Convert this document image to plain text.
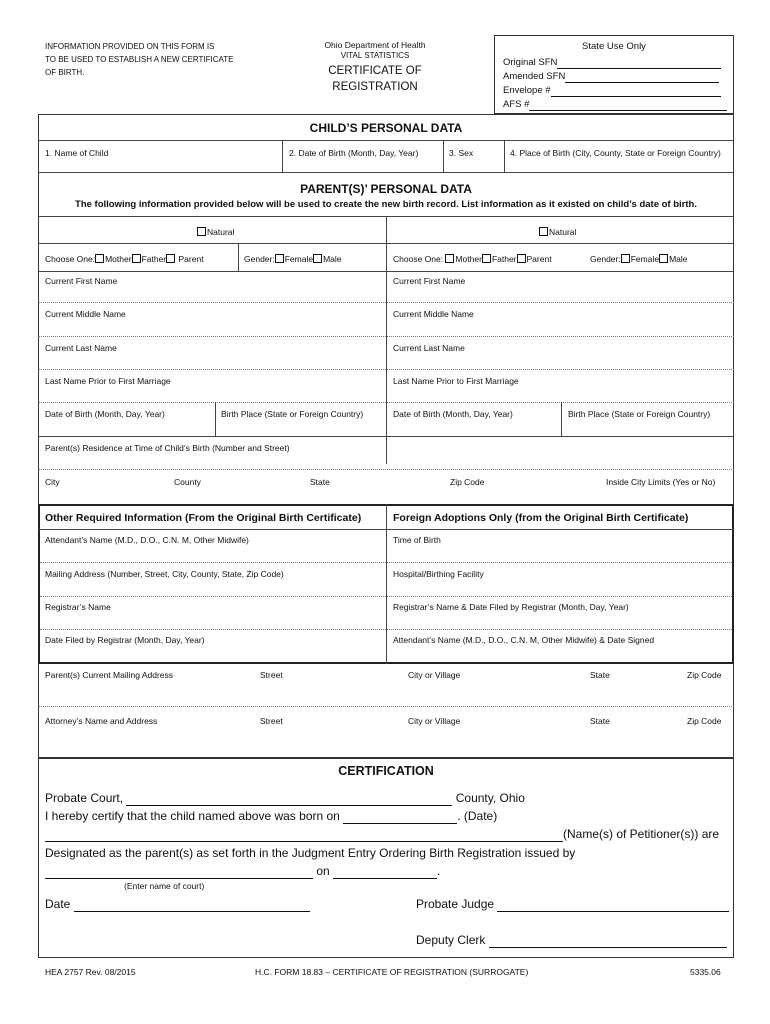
INFORMATION PROVIDED ON THIS FORM IS
TO BE USED TO ESTABLISH A NEW CERTIFICATE
OF BIRTH.
Ohio Department of Health
VITAL STATISTICS
CERTIFICATE OF REGISTRATION
State Use Only
Original SFN
Amended SFN
Envelope #
AFS #
CHILD’S PERSONAL DATA
1. Name of Child	2. Date of Birth (Month, Day, Year)	3. Sex	4. Place of Birth (City, County, State or Foreign Country)
PARENT(S)’ PERSONAL DATA
The following information provided below will be used to create the new birth record. List information as it existed on child’s date of birth.
Natural	Natural
Choose One: Mother Father Parent	Gender: Female Male	Choose One: Mother Father Parent	Gender: Female Male
Current First Name	Current First Name
Current Middle Name	Current Middle Name
Current Last Name	Current Last Name
Last Name Prior to First Marriage	Last Name Prior to First Marriage
Date of Birth (Month, Day, Year)	Birth Place (State or Foreign Country)	Date of Birth (Month, Day, Year)	Birth Place (State or Foreign Country)
Parent(s) Residence at Time of Child’s Birth (Number and Street)
City	County	State	Zip Code	Inside City Limits (Yes or No)
Other Required Information (From the Original Birth Certificate)	Foreign Adoptions Only (from the Original Birth Certificate)
Attendant’s Name (M.D., D.O., C.N. M, Other Midwife)	Time of Birth
Mailing Address (Number, Street, City, County, State, Zip Code)	Hospital/Birthing Facility
Registrar’s Name	Registrar’s Name & Date Filed by Registrar (Month, Day, Year)
Date Filed by Registrar (Month, Day, Year)	Attendant’s Name (M.D., D.O., C.N. M, Other Midwife) & Date Signed
Parent(s) Current Mailing Address	Street	City or Village	State	Zip Code
Attorney’s Name and Address	Street	City or Village	State	Zip Code
CERTIFICATION
Probate Court,	County, Ohio
I hereby certify that the child named above was born on	. (Date)
(Name(s) of Petitioner(s)) are
Designated as the parent(s) as set forth in the Judgment Entry Ordering Birth Registration issued by
on	.
(Enter name of court)
Date	Probate Judge
Deputy Clerk
HEA 2757 Rev. 08/2015	H.C. FORM 18.83 – CERTIFICATE OF REGISTRATION (SURROGATE)	5335.06
